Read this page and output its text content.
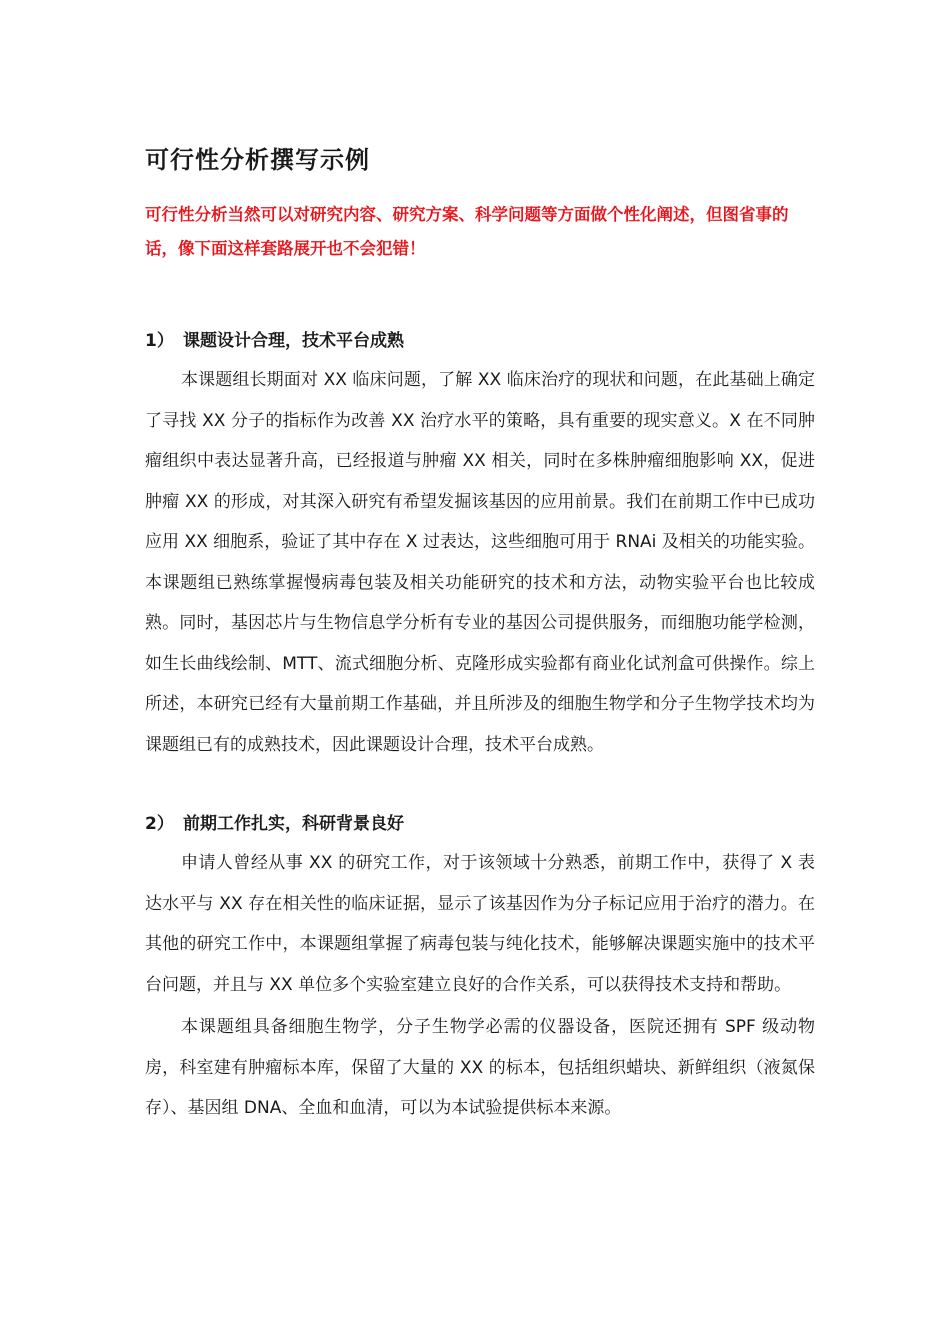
可行性分析撰写示例

可行性分析当然可以对研究内容、研究方案、科学问题等方面做个性化阐述，但图省事的话，像下面这样套路展开也不会犯错！

1） 课题设计合理，技术平台成熟

本课题组长期面对 XX 临床问题，了解 XX 临床治疗的现状和问题，在此基础上确定了寻找 XX 分子的指标作为改善 XX 治疗水平的策略，具有重要的现实意义。X 在不同肿瘤组织中表达显著升高，已经报道与肿瘤 XX 相关，同时在多株肿瘤细胞影响 XX，促进肿瘤 XX 的形成，对其深入研究有希望发掘该基因的应用前景。我们在前期工作中已成功应用 XX 细胞系，验证了其中存在 X 过表达，这些细胞可用于 RNAi 及相关的功能实验。本课题组已熟练掌握慢病毒包装及相关功能研究的技术和方法，动物实验平台也比较成熟。同时，基因芯片与生物信息学分析有专业的基因公司提供服务，而细胞功能学检测，如生长曲线绘制、MTT、流式细胞分析、克隆形成实验都有商业化试剂盒可供操作。综上所述，本研究已经有大量前期工作基础，并且所涉及的细胞生物学和分子生物学技术均为课题组已有的成熟技术，因此课题设计合理，技术平台成熟。

2） 前期工作扎实，科研背景良好

申请人曾经从事 XX 的研究工作，对于该领域十分熟悉，前期工作中，获得了 X 表达水平与 XX 存在相关性的临床证据，显示了该基因作为分子标记应用于治疗的潜力。在其他的研究工作中，本课题组掌握了病毒包装与纯化技术，能够解决课题实施中的技术平台问题，并且与 XX 单位多个实验室建立良好的合作关系，可以获得技术支持和帮助。

本课题组具备细胞生物学，分子生物学必需的仪器设备，医院还拥有 SPF 级动物房，科室建有肿瘤标本库，保留了大量的 XX 的标本，包括组织蜡块、新鲜组织（液氮保存）、基因组 DNA、全血和血清，可以为本试验提供标本来源。
